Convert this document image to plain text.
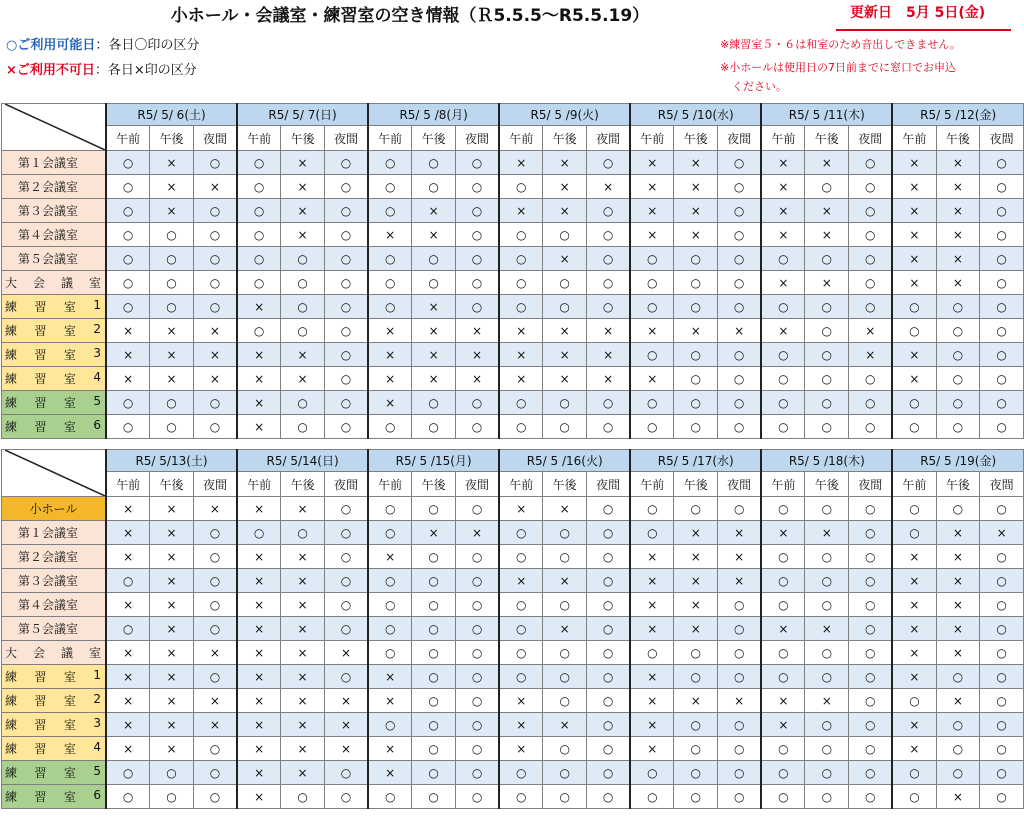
小ホール・会議室・練習室の空き情報（Ｒ5.5.5～R5.5.19）	更新日　5月 5日(金)
○ご利用可能日：各日〇印の区分
×ご利用不可日：各日×印の区分
※練習室５・６は和室のため音出しできません。
※小ホールは使用日の7日前までに窓口でお申込
ください。
	R5/ 5/ 6(土)			R5/ 5/ 7(日)			R5/ 5 /8(月)			R5/ 5 /9(火)			R5/ 5 /10(水)			R5/ 5 /11(木)			R5/ 5 /12(金)		
	午前	午後	夜間	午前	午後	夜間	午前	午後	夜間	午前	午後	夜間	午前	午後	夜間	午前	午後	夜間	午前	午後	夜間
第１会議室	○	×	○	○	×	○	○	○	○	×	×	○	×	×	○	×	×	○	×	×	○
第２会議室	○	×	×	○	×	○	○	○	○	○	×	×	×	×	○	×	○	○	×	×	○
第３会議室	○	×	○	○	×	○	○	×	○	×	×	○	×	×	○	×	×	○	×	×	○
第４会議室	○	○	○	○	×	○	×	×	○	○	○	○	×	×	○	×	×	○	×	×	○
第５会議室	○	○	○	○	○	○	○	○	○	○	×	○	○	○	○	○	○	○	×	×	○

大 会 議 室	○	○	○	○	○	○	○	○	○	○	○	○	○	○	○	×	×	○	×	×	○

練 習 室 1	○	○	○	×	○	○	○	×	○	○	○	○	○	○	○	○	○	○	○	○	○

練 習 室 2	×	×	×	○	○	○	×	×	×	×	×	×	×	×	×	×	○	×	○	○	○

練 習 室 3	×	×	×	×	×	○	×	×	×	×	×	×	○	○	○	○	○	×	×	○	○

練 習 室 4	×	×	×	×	×	○	×	×	×	×	×	×	×	○	○	○	○	○	×	○	○

練 習 室 5	○	○	○	×	○	○	×	○	○	○	○	○	○	○	○	○	○	○	○	○	○

練 習 室 6	○	○	○	×	○	○	○	○	○	○	○	○	○	○	○	○	○	○	○	○	○
	R5/ 5/13(土)			R5/ 5/14(日)			R5/ 5 /15(月)			R5/ 5 /16(火)			R5/ 5 /17(水)			R5/ 5 /18(木)			R5/ 5 /19(金)		
	午前	午後	夜間	午前	午後	夜間	午前	午後	夜間	午前	午後	夜間	午前	午後	夜間	午前	午後	夜間	午前	午後	夜間
小ホール	×	×	×	×	×	○	○	○	○	×	×	○	○	○	○	○	○	○	○	○	○
第１会議室	×	×	○	○	○	○	○	×	×	○	○	○	○	×	×	×	×	○	○	×	×
第２会議室	×	×	○	×	×	○	×	○	○	○	○	○	×	×	×	○	○	○	×	×	○
第３会議室	○	×	○	×	×	○	○	○	○	×	×	○	×	×	×	○	○	○	×	×	○
第４会議室	×	×	○	×	×	○	○	○	○	○	○	○	×	×	○	○	○	○	×	×	○
第５会議室	○	×	○	×	×	○	○	○	○	○	×	○	×	×	○	×	×	○	×	×	○

大 会 議 室	×	×	×	×	×	×	○	○	○	○	○	○	○	○	○	○	○	○	×	×	○

練 習 室 1	×	×	○	×	×	○	×	○	○	○	○	○	×	○	○	○	○	○	×	○	○

練 習 室 2	×	×	×	×	×	×	×	○	○	×	○	○	×	×	×	×	×	○	○	×	○

練 習 室 3	×	×	×	×	×	×	○	○	○	×	×	○	×	○	○	×	○	○	×	○	○

練 習 室 4	×	×	○	×	×	×	×	○	○	×	○	○	×	○	○	○	○	○	×	○	○

練 習 室 5	○	○	○	×	×	○	×	○	○	○	○	○	○	○	○	○	○	○	○	○	○

練 習 室 6	○	○	○	×	○	○	○	○	○	○	○	○	○	○	○	○	○	○	○	×	○
